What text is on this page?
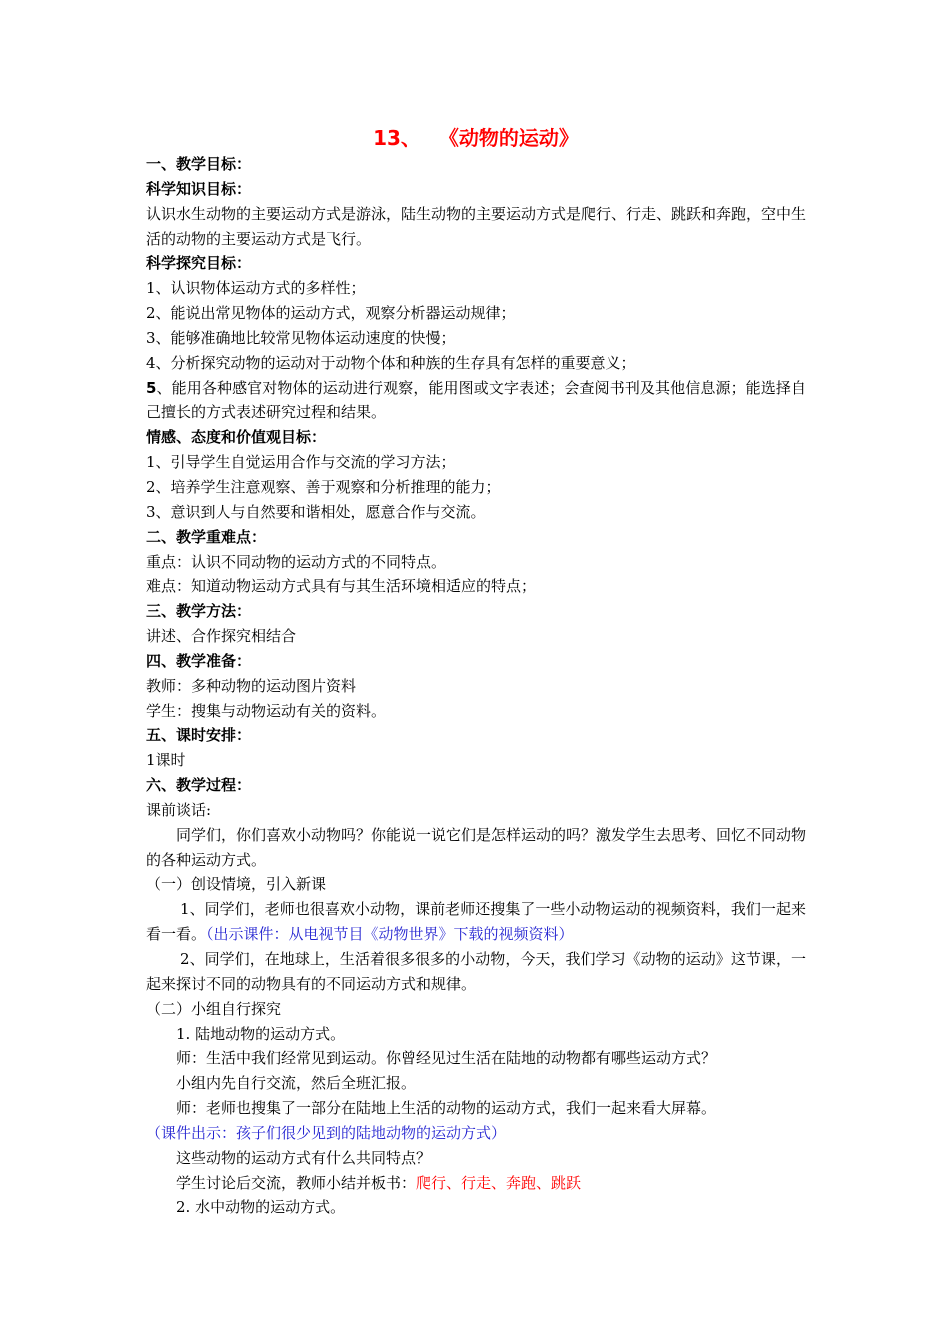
13、 《动物的运动》
一、教学目标：
科学知识目标：
认识水生动物的主要运动方式是游泳，陆生动物的主要运动方式是爬行、行走、跳跃和奔跑，空中生活的动物的主要运动方式是飞行。
科学探究目标：
1、认识物体运动方式的多样性；
2、能说出常见物体的运动方式，观察分析器运动规律；
3、能够准确地比较常见物体运动速度的快慢；
4、分析探究动物的运动对于动物个体和种族的生存具有怎样的重要意义；
5、能用各种感官对物体的运动进行观察，能用图或文字表述；会查阅书刊及其他信息源；能选择自己擅长的方式表述研究过程和结果。
情感、态度和价值观目标：
1、引导学生自觉运用合作与交流的学习方法；
2、培养学生注意观察、善于观察和分析推理的能力；
3、意识到人与自然要和谐相处，愿意合作与交流。
二、教学重难点：
重点：认识不同动物的运动方式的不同特点。
难点：知道动物运动方式具有与其生活环境相适应的特点；
三、教学方法：
讲述、合作探究相结合
四、教学准备：
教师：多种动物的运动图片资料
学生：搜集与动物运动有关的资料。
五、课时安排：
1课时
六、教学过程：
课前谈话:
同学们，你们喜欢小动物吗？你能说一说它们是怎样运动的吗？激发学生去思考、回忆不同动物的各种运动方式。
（一）创设情境，引入新课
1、同学们，老师也很喜欢小动物，课前老师还搜集了一些小动物运动的视频资料，我们一起来看一看。（出示课件：从电视节目《动物世界》下载的视频资料）
2、同学们，在地球上，生活着很多很多的小动物，今天，我们学习《动物的运动》这节课，一起来探讨不同的动物具有的不同运动方式和规律。
（二）小组自行探究
1. 陆地动物的运动方式。
师：生活中我们经常见到运动。你曾经见过生活在陆地的动物都有哪些运动方式？
小组内先自行交流，然后全班汇报。
师：老师也搜集了一部分在陆地上生活的动物的运动方式，我们一起来看大屏幕。
（课件出示：孩子们很少见到的陆地动物的运动方式）
这些动物的运动方式有什么共同特点？
学生讨论后交流，教师小结并板书：爬行、行走、奔跑、跳跃
2. 水中动物的运动方式。
